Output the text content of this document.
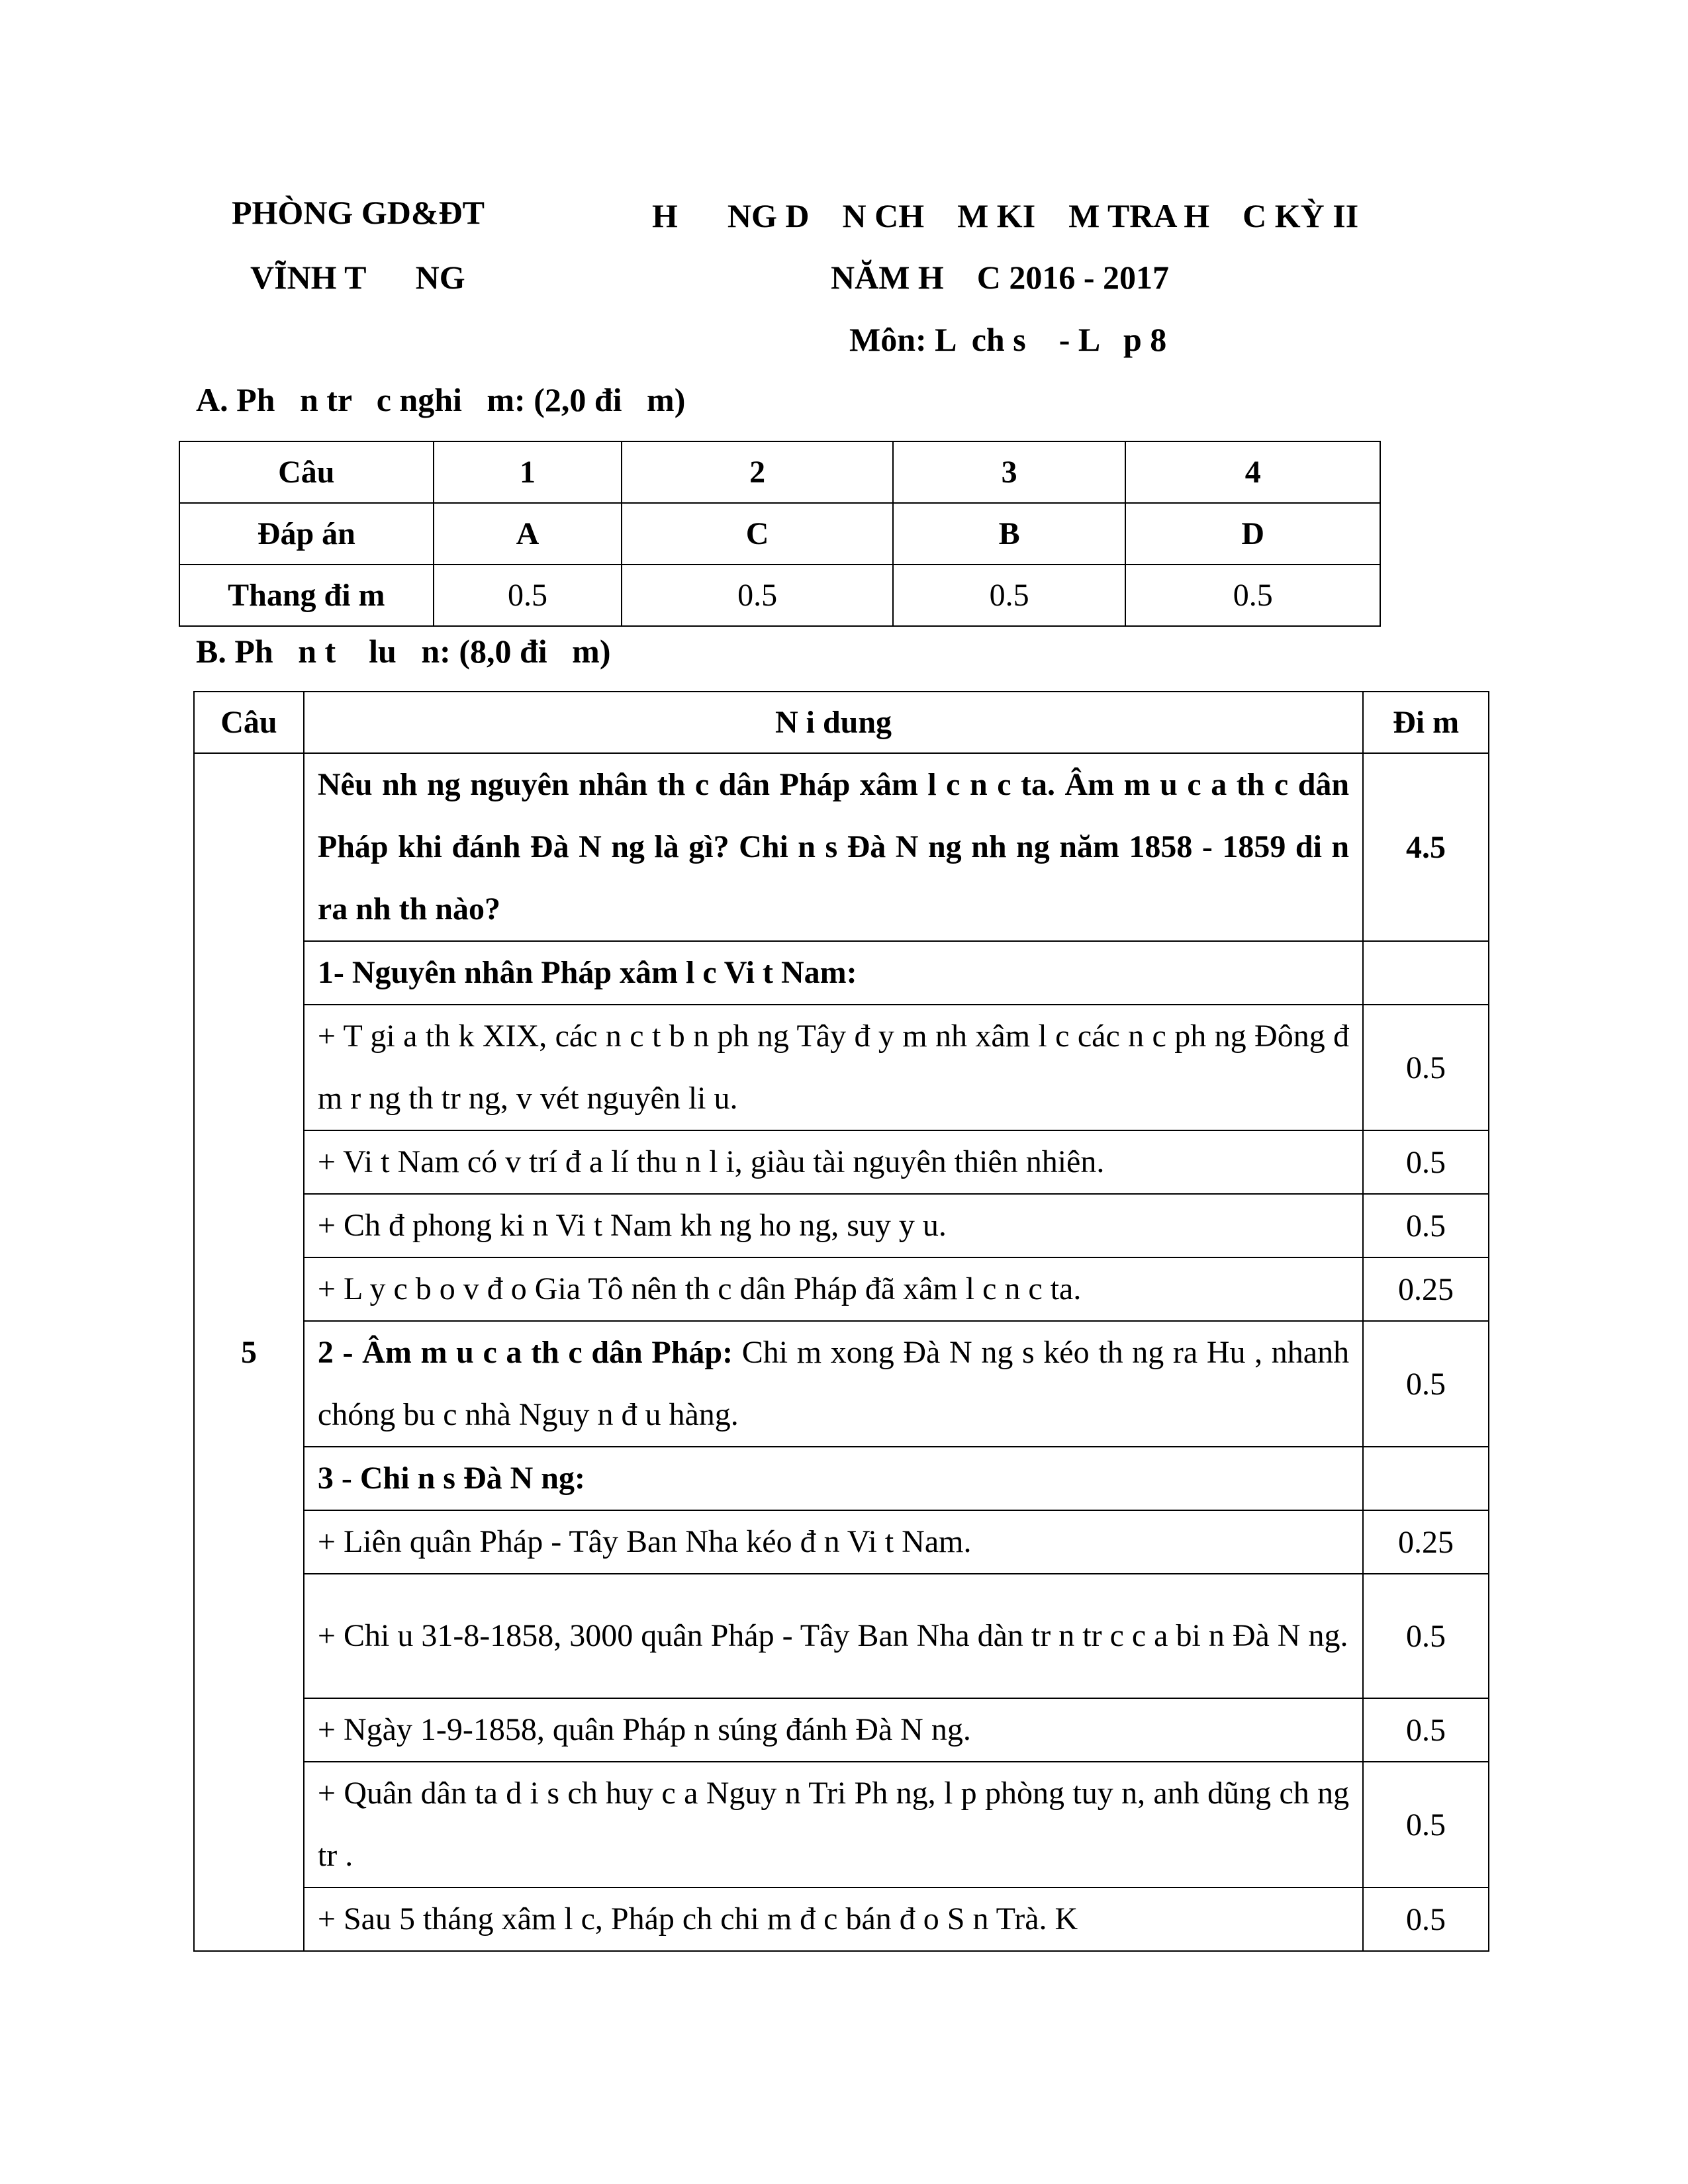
PHÒNG GD&ĐT
VĨNH T      NG
H      NG D    N CH    M KI    M TRA H    C KỲ II
NĂM H    C 2016 - 2017
Môn: L  ch s    - L   p 8
A. Ph   n tr   c nghi   m: (2,0 đi   m)
Câu	1	2	3	4
Đáp án	A	C	B	D
Thang đi m	0.5	0.5	0.5	0.5
B. Ph   n t    lu   n: (8,0 đi   m)
Câu	N i dung	Đi m
5	Nêu nh ng nguyên nhân th c dân Pháp xâm l c n c ta. Âm m u c a th c dân Pháp khi đánh Đà N ng là gì? Chi n s Đà N ng nh ng năm 1858 - 1859 di n ra nh th nào?	4.5
	1- Nguyên nhân Pháp xâm l c Vi t Nam:	
	+ T gi a th k XIX, các n c t b n ph ng Tây đ y m nh xâm l c các n c ph ng Đông đ m r ng th tr ng, v vét nguyên li u.	0.5
	+ Vi t Nam có v trí đ a lí thu n l i, giàu tài nguyên thiên nhiên.	0.5
	+ Ch đ phong ki n Vi t Nam kh ng ho ng, suy y u.	0.5
	+ L y c b o v đ o Gia Tô nên th c dân Pháp đã xâm l c n c ta.	0.25
	2 - Âm m u c a th c dân Pháp: Chi m xong Đà N ng s kéo th ng ra Hu , nhanh chóng bu c nhà Nguy n đ u hàng.	0.5
	3 - Chi n s Đà N ng:	
	+ Liên quân Pháp - Tây Ban Nha kéo đ n Vi t Nam.	0.25
	+ Chi u 31-8-1858, 3000 quân Pháp - Tây Ban Nha dàn tr n tr c c a bi n Đà N ng.	0.5
	+ Ngày 1-9-1858, quân Pháp n súng đánh Đà N ng.	0.5
	+ Quân dân ta d i s ch huy c a Nguy n Tri Ph ng, l p phòng tuy n, anh dũng ch ng tr .	0.5
	+ Sau 5 tháng xâm l c, Pháp ch chi m đ c bán đ o S n Trà. K	0.5
